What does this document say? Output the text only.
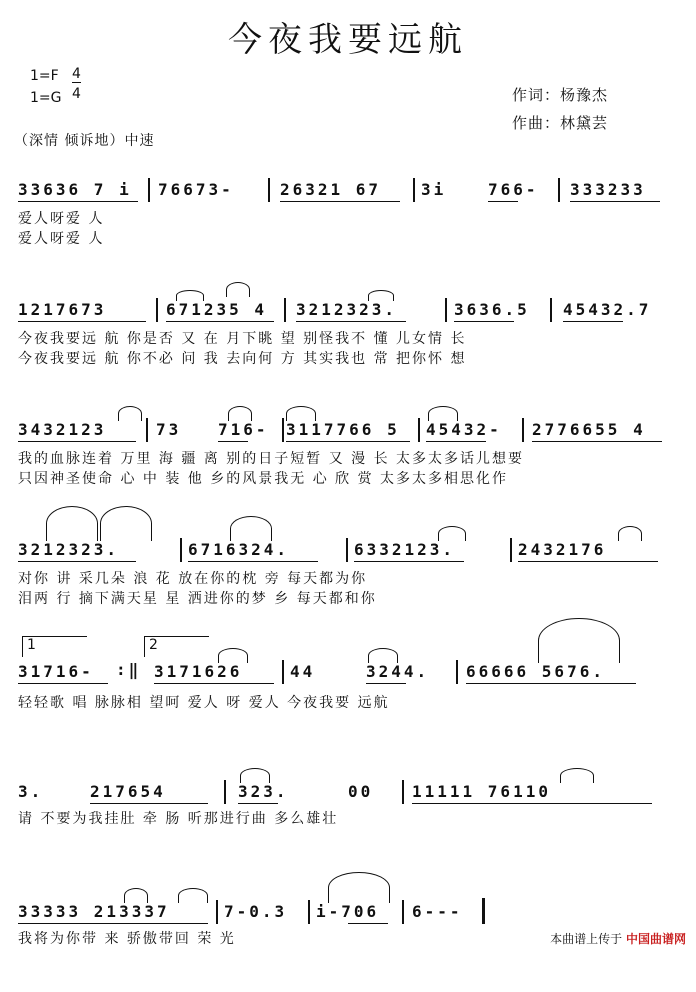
今夜我要远航
1=F
1=G
4
4	作词：杨豫杰
作曲：林黛芸
（深情 倾诉地）中速
33636 7 i 76673-	26321 67 3i	766- 333233
爱人呀爱 人
爱人呀爱 人
1217673	671235 4 3212323.	3636.5 45432.7
今夜我要远 航 你是否 又 在 月下眺 望 别怪我不 懂 儿女情 长
今夜我要远 航 你不必 问 我 去向何 方 其实我也 常 把你怀 想
3432123	73 716- 3117766 5 45432- 2776655 4
我的血脉连着 万里 海 疆 离 别的日子短暂 又 漫 长 太多太多话儿想要
只因神圣使命 心 中 装 他 乡的风景我无 心 欣 赏 太多太多相思化作
3212323.	6716324.	6332123.	2432176
对你 讲 采几朵 浪 花 放在你的枕 旁 每天都为你
泪两 行 摘下满天星 星 洒进你的梦 乡 每天都和你
1	2
31716- :‖ 3171626	44	3244. 66666 5676.
轻轻歌 唱 脉脉相 望呵 爱人 呀 爱人 今夜我要 远航
3.	217654	323.	00 11111 76110
请 不要为我挂肚 牵 肠 听那进行曲 多么雄壮
33333 213337	7-0.3 i-706 6---
我将为你带 来 骄傲带回 荣 光	本曲谱上传于 中国曲谱网
